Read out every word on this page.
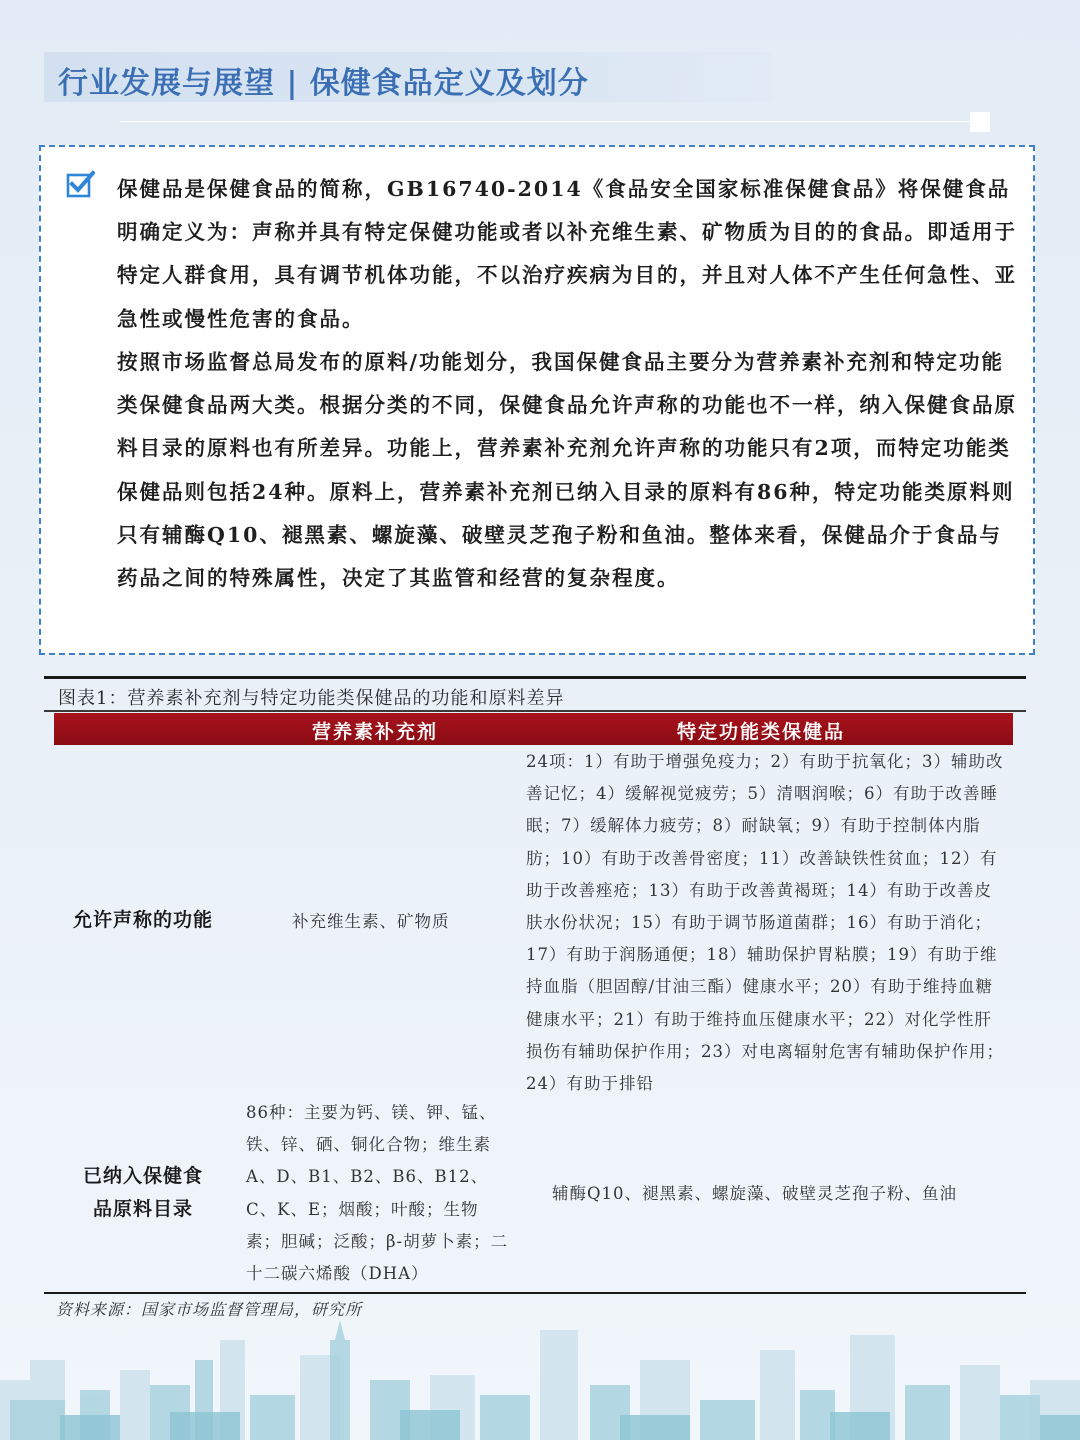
行业发展与展望 | 保健食品定义及划分

保健品是保健食品的简称，GB16740-2014《食品安全国家标准保健食品》将保健食品明确定义为：声称并具有特定保健功能或者以补充维生素、矿物质为目的的食品。即适用于特定人群食用，具有调节机体功能，不以治疗疾病为目的，并且对人体不产生任何急性、亚急性或慢性危害的食品。

按照市场监督总局发布的原料/功能划分，我国保健食品主要分为营养素补充剂和特定功能类保健食品两大类。根据分类的不同，保健食品允许声称的功能也不一样，纳入保健食品原料目录的原料也有所差异。功能上，营养素补充剂允许声称的功能只有2项，而特定功能类保健品则包括24种。原料上，营养素补充剂已纳入目录的原料有86种，特定功能类原料则只有辅酶Q10、褪黑素、螺旋藻、破壁灵芝孢子粉和鱼油。整体来看，保健品介于食品与药品之间的特殊属性，决定了其监管和经营的复杂程度。

图表1：营养素补充剂与特定功能类保健品的功能和原料差异
营养素补充剂	特定功能类保健品
允许声称的功能	补充维生素、矿物质
24项：1）有助于增强免疫力；2）有助于抗氧化；3）辅助改善记忆；4）缓解视觉疲劳；5）清咽润喉；6）有助于改善睡眠；7）缓解体力疲劳；8）耐缺氧；9）有助于控制体内脂肪；10）有助于改善骨密度；11）改善缺铁性贫血；12）有助于改善痤疮；13）有助于改善黄褐斑；14）有助于改善皮肤水份状况；15）有助于调节肠道菌群；16）有助于消化；17）有助于润肠通便；18）辅助保护胃粘膜；19）有助于维持血脂（胆固醇/甘油三酯）健康水平；20）有助于维持血糖健康水平；21）有助于维持血压健康水平；22）对化学性肝损伤有辅助保护作用；23）对电离辐射危害有辅助保护作用；24）有助于排铅
已纳入保健食品原料目录
86种：主要为钙、镁、钾、锰、铁、锌、硒、铜化合物；维生素A、D、B1、B2、B6、B12、C、K、E；烟酸；叶酸；生物素；胆碱；泛酸；β-胡萝卜素；二十二碳六烯酸（DHA）
辅酶Q10、褪黑素、螺旋藻、破壁灵芝孢子粉、鱼油
资料来源：国家市场监督管理局，研究所
